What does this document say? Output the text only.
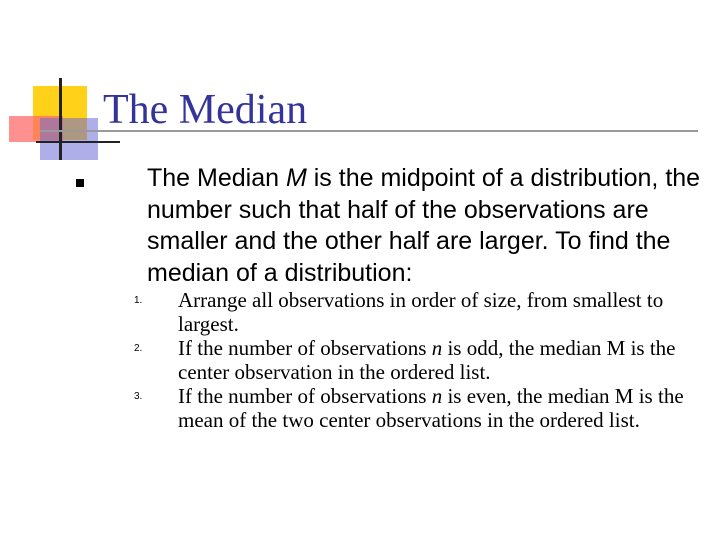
The Median
The Median M is the midpoint of a distribution, the number such that half of the observations are smaller and the other half are larger. To find the median of a distribution:
1. Arrange all observations in order of size, from smallest to largest.
2. If the number of observations n is odd, the median M is the center observation in the ordered list.
3. If the number of observations n is even, the median M is the mean of the two center observations in the ordered list.
